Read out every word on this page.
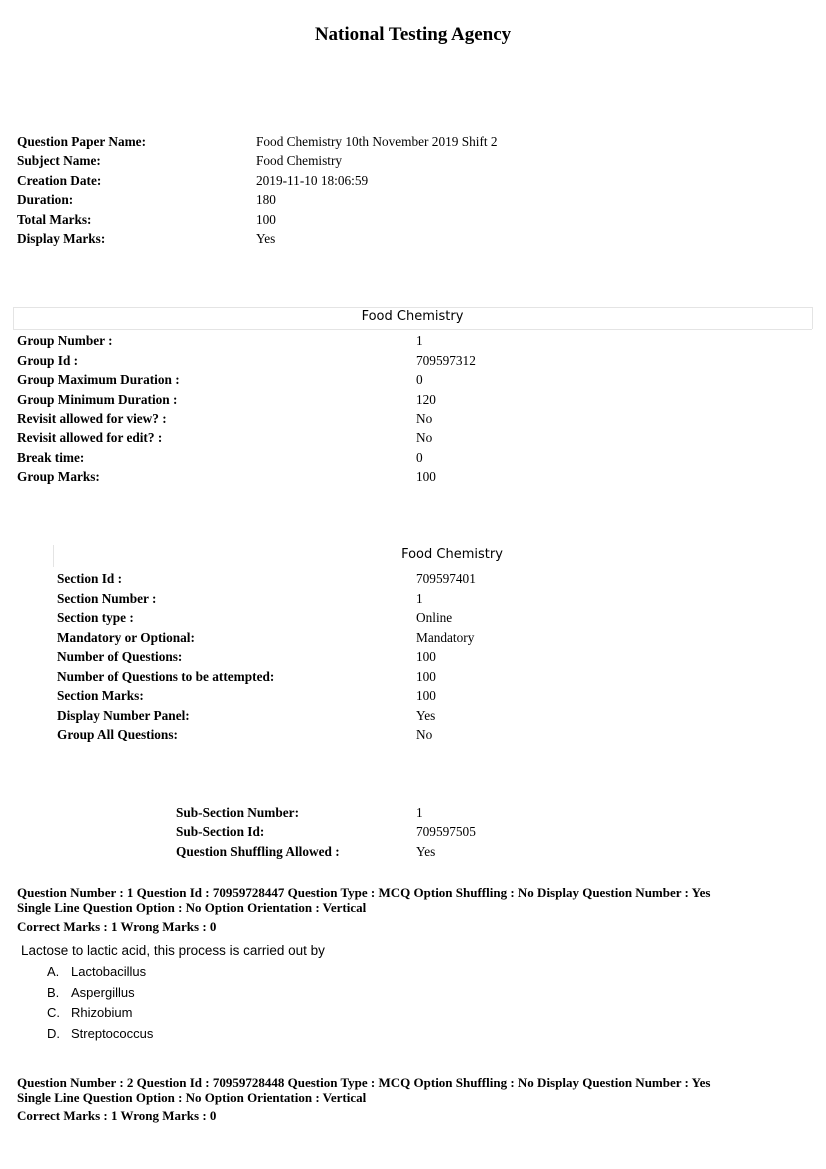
National Testing Agency
Question Paper Name:	Food Chemistry 10th November 2019 Shift 2
Subject Name:	Food Chemistry
Creation Date:	2019-11-10 18:06:59
Duration:	180
Total Marks:	100
Display Marks:	Yes
Food Chemistry
Group Number :	1
Group Id :	709597312
Group Maximum Duration :	0
Group Minimum Duration :	120
Revisit allowed for view? :	No
Revisit allowed for edit? :	No
Break time:	0
Group Marks:	100
Food Chemistry
Section Id :	709597401
Section Number :	1
Section type :	Online
Mandatory or Optional:	Mandatory
Number of Questions:	100
Number of Questions to be attempted:	100
Section Marks:	100
Display Number Panel:	Yes
Group All Questions:	No
Sub-Section Number:	1
Sub-Section Id:	709597505
Question Shuffling Allowed :	Yes
Question Number : 1 Question Id : 70959728447 Question Type : MCQ Option Shuffling : No Display Question Number : Yes
Single Line Question Option : No Option Orientation : Vertical
Correct Marks : 1 Wrong Marks : 0
Lactose to lactic acid, this process is carried out by
A. Lactobacillus
B. Aspergillus
C. Rhizobium
D. Streptococcus
Question Number : 2 Question Id : 70959728448 Question Type : MCQ Option Shuffling : No Display Question Number : Yes
Single Line Question Option : No Option Orientation : Vertical
Correct Marks : 1 Wrong Marks : 0
